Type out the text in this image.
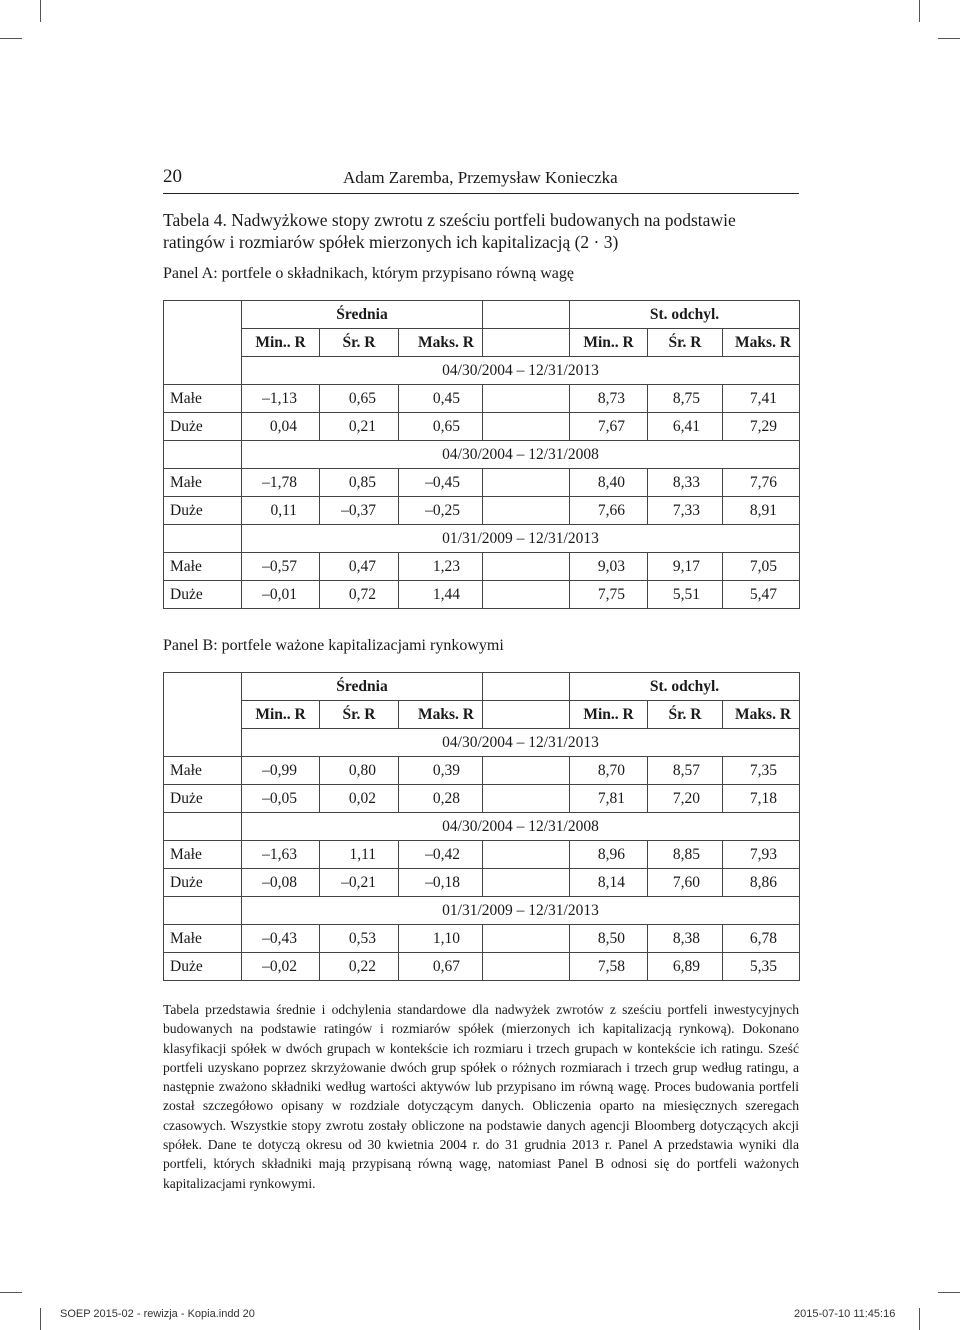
20	Adam Zaremba, Przemysław Konieczka
Tabela 4. Nadwyżkowe stopy zwrotu z sześciu portfeli budowanych na podstawie ratingów i rozmiarów spółek mierzonych ich kapitalizacją (2 · 3)
Panel A: portfele o składnikach, którym przypisano równą wagę
	Średnia				St. odchyl.		
	Min.. R	Śr. R	Maks. R		Min.. R	Śr. R	Maks. R
	04/30/2004 – 12/31/2013						
Małe	–1,13	0,65	0,45		8,73	8,75	7,41
Duże	0,04	0,21	0,65		7,67	6,41	7,29
	04/30/2004 – 12/31/2008						
Małe	–1,78	0,85	–0,45		8,40	8,33	7,76
Duże	0,11	–0,37	–0,25		7,66	7,33	8,91
	01/31/2009 – 12/31/2013						
Małe	–0,57	0,47	1,23		9,03	9,17	7,05
Duże	–0,01	0,72	1,44		7,75	5,51	5,47
Panel B: portfele ważone kapitalizacjami rynkowymi
	Średnia				St. odchyl.		
	Min.. R	Śr. R	Maks. R		Min.. R	Śr. R	Maks. R
	04/30/2004 – 12/31/2013						
Małe	–0,99	0,80	0,39		8,70	8,57	7,35
Duże	–0,05	0,02	0,28		7,81	7,20	7,18
	04/30/2004 – 12/31/2008						
Małe	–1,63	1,11	–0,42		8,96	8,85	7,93
Duże	–0,08	–0,21	–0,18		8,14	7,60	8,86
	01/31/2009 – 12/31/2013						
Małe	–0,43	0,53	1,10		8,50	8,38	6,78
Duże	–0,02	0,22	0,67		7,58	6,89	5,35
Tabela przedstawia średnie i odchylenia standardowe dla nadwyżek zwrotów z sześciu portfeli inwestycyjnych budowanych na podstawie ratingów i rozmiarów spółek (mierzonych ich kapitalizacją rynkową). Dokonano klasyfikacji spółek w dwóch grupach w kontekście ich rozmiaru i trzech grupach w kontekście ich ratingu. Sześć portfeli uzyskano poprzez skrzyżowanie dwóch grup spółek o różnych rozmiarach i trzech grup według ratingu, a następnie zważono składniki według wartości aktywów lub przypisano im równą wagę. Proces budowania portfeli został szczegółowo opisany w rozdziale dotyczącym danych. Obliczenia oparto na miesięcznych szeregach czasowych. Wszystkie stopy zwrotu zostały obliczone na podstawie danych agencji Bloomberg dotyczących akcji spółek. Dane te dotyczą okresu od 30 kwietnia 2004 r. do 31 grudnia 2013 r. Panel A przedstawia wyniki dla portfeli, których składniki mają przypisaną równą wagę, natomiast Panel B odnosi się do portfeli ważonych kapitalizacjami rynkowymi.
SOEP 2015-02 - rewizja - Kopia.indd 20	2015-07-10 11:45:16
